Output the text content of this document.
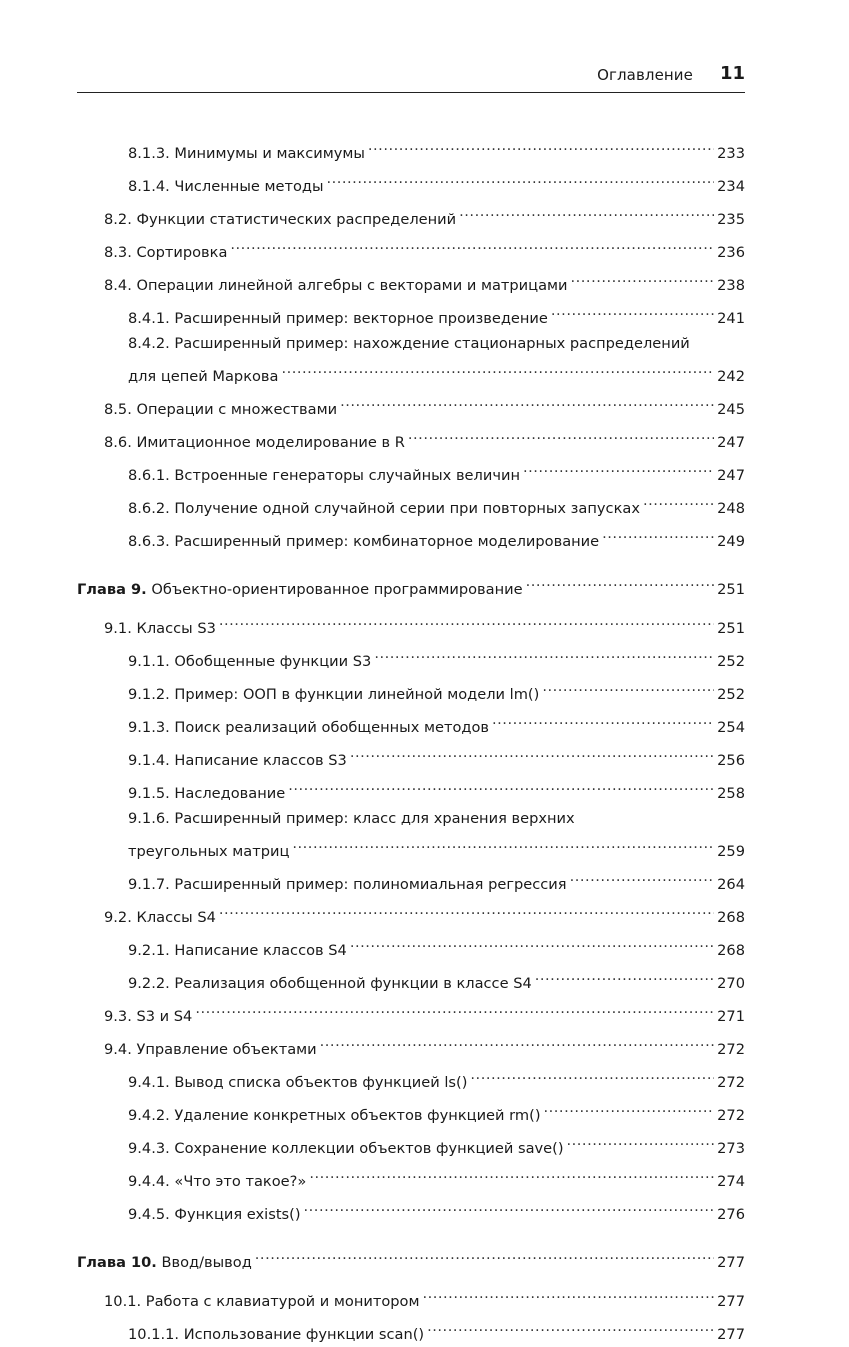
Оглавление 11
8.1.3. Минимумы и максимумы .....	233
8.1.4. Численные методы .....	234
8.2. Функции статистических распределений .....	235
8.3. Сортировка .....	236
8.4. Операции линейной алгебры с векторами и матрицами .....	238
8.4.1. Расширенный пример: векторное произведение .....	241
8.4.2. Расширенный пример: нахождение стационарных распределений
для цепей Маркова .....	242
8.5. Операции с множествами .....	245
8.6. Имитационное моделирование в R .....	247
8.6.1. Встроенные генераторы случайных величин .....	247
8.6.2. Получение одной случайной серии при повторных запусках .....	248
8.6.3. Расширенный пример: комбинаторное моделирование .....	249
Глава 9. Объектно-ориентированное программирование .....	251
9.1. Классы S3 .....	251
9.1.1. Обобщенные функции S3 .....	252
9.1.2. Пример: ООП в функции линейной модели lm() .....	252
9.1.3. Поиск реализаций обобщенных методов .....	254
9.1.4. Написание классов S3 .....	256
9.1.5. Наследование .....	258
9.1.6. Расширенный пример: класс для хранения верхних
треугольных матриц .....	259
9.1.7. Расширенный пример: полиномиальная регрессия .....	264
9.2. Классы S4 .....	268
9.2.1. Написание классов S4 .....	268
9.2.2. Реализация обобщенной функции в классе S4 .....	270
9.3. S3 и S4 .....	271
9.4. Управление объектами .....	272
9.4.1. Вывод списка объектов функцией ls() .....	272
9.4.2. Удаление конкретных объектов функцией rm() .....	272
9.4.3. Сохранение коллекции объектов функцией save() .....	273
9.4.4. «Что это такое?» .....	274
9.4.5. Функция exists() .....	276
Глава 10. Ввод/вывод .....	277
10.1. Работа с клавиатурой и монитором .....	277
10.1.1. Использование функции scan() .....	277
